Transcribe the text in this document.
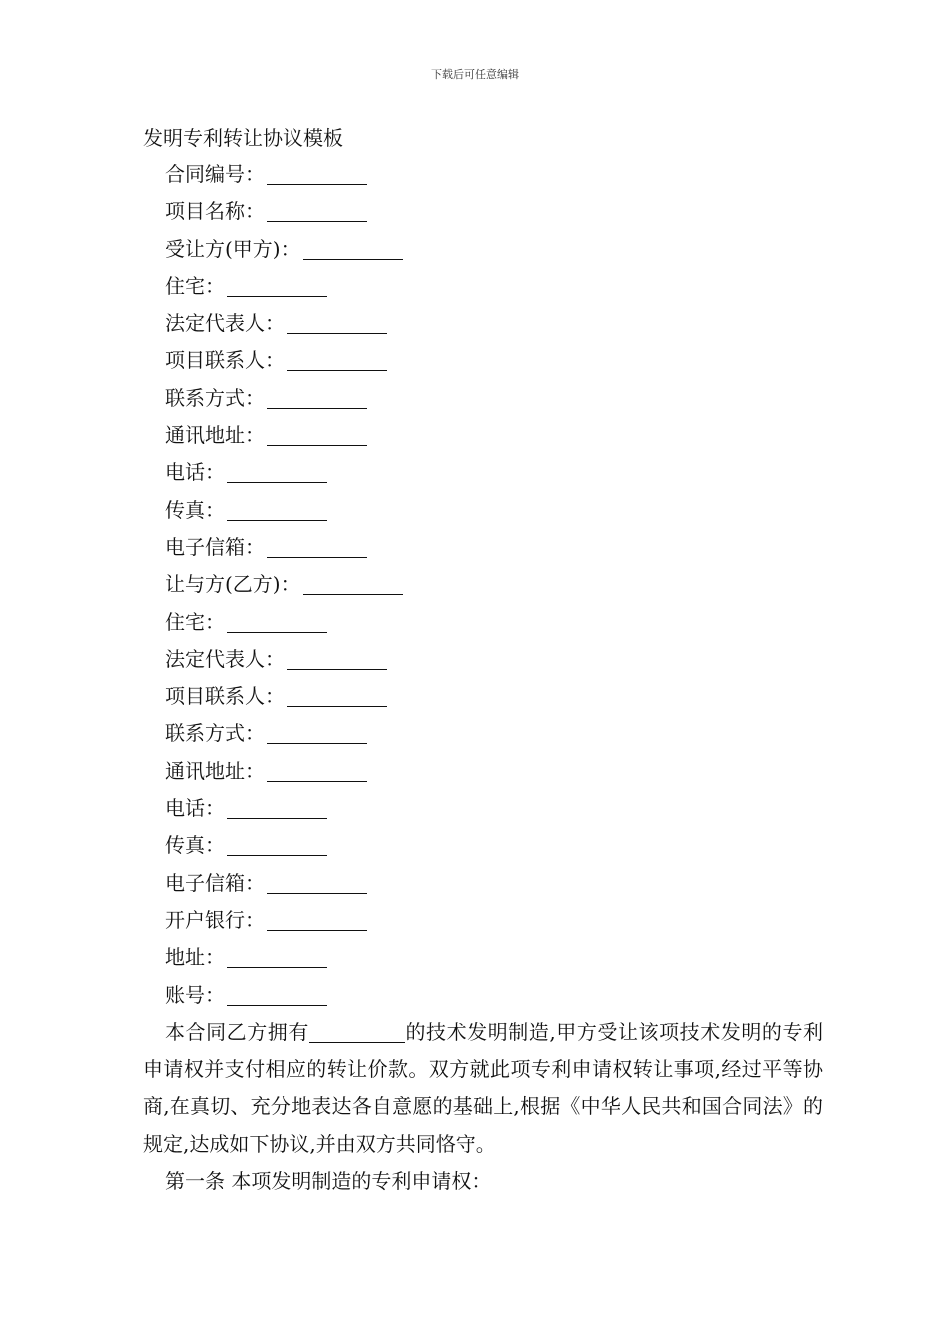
下载后可任意编辑
发明专利转让协议模板
合同编号：
项目名称：
受让方(甲方)：
住宅：
法定代表人：
项目联系人：
联系方式：
通讯地址：
电话：
传真：
电子信箱：
让与方(乙方)：
住宅：
法定代表人：
项目联系人：
联系方式：
通讯地址：
电话：
传真：
电子信箱：
开户银行：
地址：
账号：

本合同乙方拥有	的技术发明制造,甲方受让该项技术发明的专利申请权并支付相应的转让价款。双方就此项专利申请权转让事项,经过平等协商,在真切、充分地表达各自意愿的基础上,根据《中华人民共和国合同法》的规定,达成如下协议,并由双方共同恪守。

第一条 本项发明制造的专利申请权：
